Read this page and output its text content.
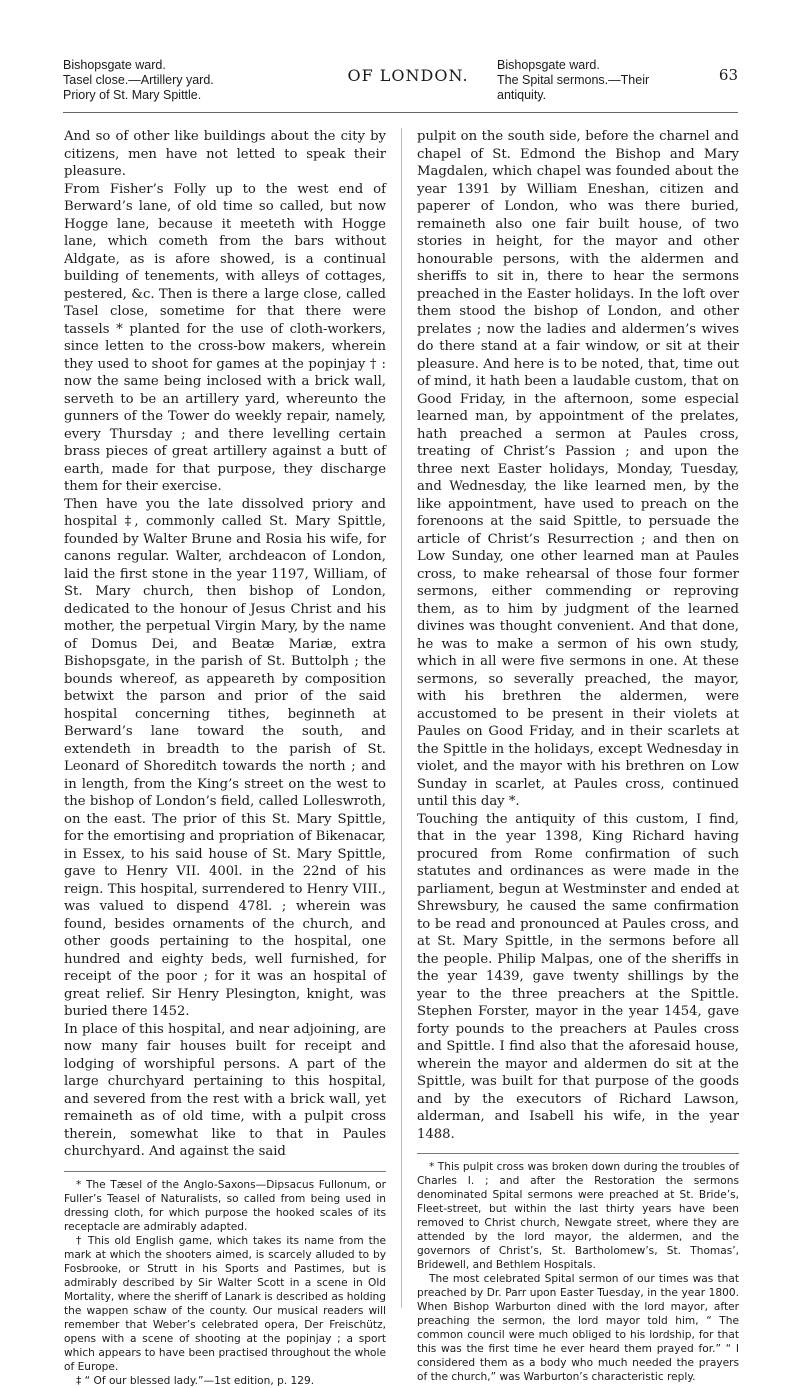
Bishopsgate ward.
Tasel close.—Artillery yard.
Priory of St. Mary Spittle.
OF LONDON.
Bishopsgate ward.
The Spital sermons.—Their
antiquity.
63

And so of other like buildings about the city by citizens, men have not letted to speak their pleasure.

From Fisher’s Folly up to the west end of Berward’s lane, of old time so called, but now Hogge lane, because it meeteth with Hogge lane, which cometh from the bars without Aldgate, as is afore showed, is a continual building of tenements, with alleys of cottages, pestered, &c. Then is there a large close, called Tasel close, sometime for that there were tassels * planted for the use of cloth-workers, since letten to the cross-bow makers, wherein they used to shoot for games at the popinjay † : now the same being inclosed with a brick wall, serveth to be an artillery yard, whereunto the gunners of the Tower do weekly repair, namely, every Thursday ; and there levelling certain brass pieces of great artillery against a butt of earth, made for that purpose, they discharge them for their exercise.

Then have you the late dissolved priory and hospital ‡, commonly called St. Mary Spittle, founded by Walter Brune and Rosia his wife, for canons regular. Walter, archdeacon of London, laid the first stone in the year 1197, William, of St. Mary church, then bishop of London, dedicated to the honour of Jesus Christ and his mother, the perpetual Virgin Mary, by the name of Domus Dei, and Beatæ Mariæ, extra Bishopsgate, in the parish of St. Buttolph ; the bounds whereof, as appeareth by composition betwixt the parson and prior of the said hospital concerning tithes, beginneth at Berward’s lane toward the south, and extendeth in breadth to the parish of St. Leonard of Shoreditch towards the north ; and in length, from the King’s street on the west to the bishop of London’s field, called Lolleswroth, on the east. The prior of this St. Mary Spittle, for the emortising and propriation of Bikenacar, in Essex, to his said house of St. Mary Spittle, gave to Henry VII. 400l. in the 22nd of his reign. This hospital, surrendered to Henry VIII., was valued to dispend 478l. ; wherein was found, besides ornaments of the church, and other goods pertaining to the hospital, one hundred and eighty beds, well furnished, for receipt of the poor ; for it was an hospital of great relief. Sir Henry Plesington, knight, was buried there 1452.

In place of this hospital, and near adjoining, are now many fair houses built for receipt and lodging of worshipful persons. A part of the large churchyard pertaining to this hospital, and severed from the rest with a brick wall, yet remaineth as of old time, with a pulpit cross therein, somewhat like to that in Paules churchyard. And against the said

* The Tæsel of the Anglo-Saxons—Dipsacus Fullonum, or Fuller’s Teasel of Naturalists, so called from being used in dressing cloth, for which purpose the hooked scales of its receptacle are admirably adapted.

† This old English game, which takes its name from the mark at which the shooters aimed, is scarcely alluded to by Fosbrooke, or Strutt in his Sports and Pastimes, but is admirably described by Sir Walter Scott in a scene in Old Mortality, where the sheriff of Lanark is described as holding the wappen schaw of the county. Our musical readers will remember that Weber’s celebrated opera, Der Freischütz, opens with a scene of shooting at the popinjay ; a sport which appears to have been practised throughout the whole of Europe.

‡ “ Of our blessed lady.”—1st edition, p. 129.

pulpit on the south side, before the charnel and chapel of St. Edmond the Bishop and Mary Magdalen, which chapel was founded about the year 1391 by William Eneshan, citizen and paperer of London, who was there buried, remaineth also one fair built house, of two stories in height, for the mayor and other honourable persons, with the aldermen and sheriffs to sit in, there to hear the sermons preached in the Easter holidays. In the loft over them stood the bishop of London, and other prelates ; now the ladies and aldermen’s wives do there stand at a fair window, or sit at their pleasure. And here is to be noted, that, time out of mind, it hath been a laudable custom, that on Good Friday, in the afternoon, some especial learned man, by appointment of the prelates, hath preached a sermon at Paules cross, treating of Christ’s Passion ; and upon the three next Easter holidays, Monday, Tuesday, and Wednesday, the like learned men, by the like appointment, have used to preach on the forenoons at the said Spittle, to persuade the article of Christ’s Resurrection ; and then on Low Sunday, one other learned man at Paules cross, to make rehearsal of those four former sermons, either commending or reproving them, as to him by judgment of the learned divines was thought convenient. And that done, he was to make a sermon of his own study, which in all were five sermons in one. At these sermons, so severally preached, the mayor, with his brethren the aldermen, were accustomed to be present in their violets at Paules on Good Friday, and in their scarlets at the Spittle in the holidays, except Wednesday in violet, and the mayor with his brethren on Low Sunday in scarlet, at Paules cross, continued until this day *.

Touching the antiquity of this custom, I find, that in the year 1398, King Richard having procured from Rome confirmation of such statutes and ordinances as were made in the parliament, begun at Westminster and ended at Shrewsbury, he caused the same confirmation to be read and pronounced at Paules cross, and at St. Mary Spittle, in the sermons before all the people. Philip Malpas, one of the sheriffs in the year 1439, gave twenty shillings by the year to the three preachers at the Spittle. Stephen Forster, mayor in the year 1454, gave forty pounds to the preachers at Paules cross and Spittle. I find also that the aforesaid house, wherein the mayor and aldermen do sit at the Spittle, was built for that purpose of the goods and by the executors of Richard Lawson, alderman, and Isabell his wife, in the year 1488.

* This pulpit cross was broken down during the troubles of Charles I. ; and after the Restoration the sermons denominated Spital sermons were preached at St. Bride’s, Fleet-street, but within the last thirty years have been removed to Christ church, Newgate street, where they are attended by the lord mayor, the aldermen, and the governors of Christ’s, St. Bartholomew’s, St. Thomas’, Bridewell, and Bethlem Hospitals.

The most celebrated Spital sermon of our times was that preached by Dr. Parr upon Easter Tuesday, in the year 1800. When Bishop Warburton dined with the lord mayor, after preaching the sermon, the lord mayor told him, “ The common council were much obliged to his lordship, for that this was the first time he ever heard them prayed for.” “ I considered them as a body who much needed the prayers of the church,” was Warburton’s characteristic reply.
